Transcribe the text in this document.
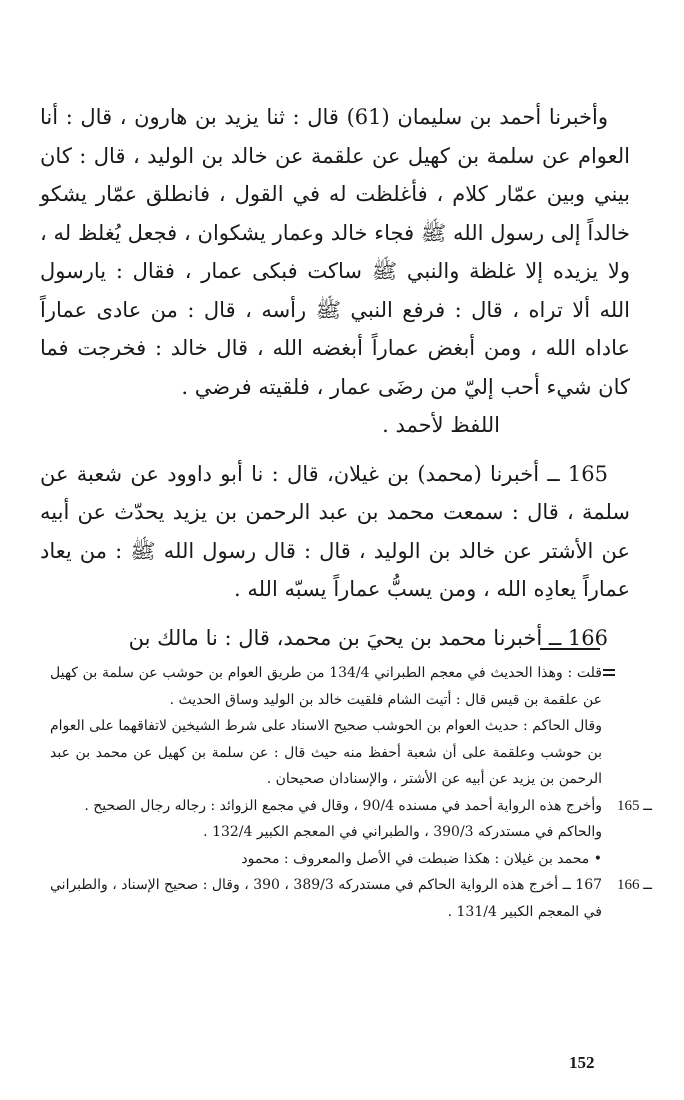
وأخبرنا أحمد بن سليمان (61) قال : ثنا يزيد بن هارون ، قال : أنا العوام عن سلمة بن كهيل عن علقمة عن خالد بن الوليد ، قال : كان بيني وبين عمّار كلام ، فأغلظت له في القول ، فانطلق عمّار يشكو خالداً إلى رسول الله ﷺ فجاء خالد وعمار يشكوان ، فجعل يُغلظ له ، ولا يزيده إلا غلظة والنبي ﷺ ساكت فبكى عمار ، فقال : يارسول الله ألا تراه ، قال : فرفع النبي ﷺ رأسه ، قال : من عادى عماراً عاداه الله ، ومن أبغض عماراً أبغضه الله ، قال خالد : فخرجت فما كان شيء أحب إليّ من رضَى عمار ، فلقيته فرضي .

اللفظ لأحمد .

165 ــ أخبرنا (محمد) بن غيلان، قال : نا أبو داوود عن شعبة عن سلمة ، قال : سمعت محمد بن عبد الرحمن بن يزيد يحدّث عن أبيه عن الأشتر عن خالد بن الوليد ، قال : قال رسول الله ﷺ : من يعاد عماراً يعادِه الله ، ومن يسبُّ عماراً يسبّه الله .

166 ــ أخبرنا محمد بن يحيَ بن محمد، قال : نا مالك بن

قلت : وهذا الحديث في معجم الطبراني 134/4 من طريق العوام بن حوشب عن سلمة بن كهيل عن علقمة بن قيس قال : أتيت الشام فلقيت خالد بن الوليد وساق الحديث .

وقال الحاكم : حديث العوام بن الحوشب صحيح الاسناد على شرط الشيخين لاتفاقهما على العوام بن حوشب وعلقمة على أن شعبة أحفظ منه حيث قال : عن سلمة بن كهيل عن محمد بن عبد الرحمن بن يزيد عن أبيه عن الأشتر ، والإسنادان صحيحان .

165 ــ
وأخرج هذه الرواية أحمد في مسنده 90/4 ، وقال في مجمع الزوائد : رجاله رجال الصحيح .

والحاكم في مستدركه 390/3 ، والطبراني في المعجم الكبير 132/4 .

• محمد بن غيلان : هكذا ضبطت في الأصل والمعروف : محمود

166 ــ
167 ــ أخرج هذه الرواية الحاكم في مستدركه 389/3 ، 390 ، وقال : صحيح الإسناد ، والطبراني في المعجم الكبير 131/4 .

152
